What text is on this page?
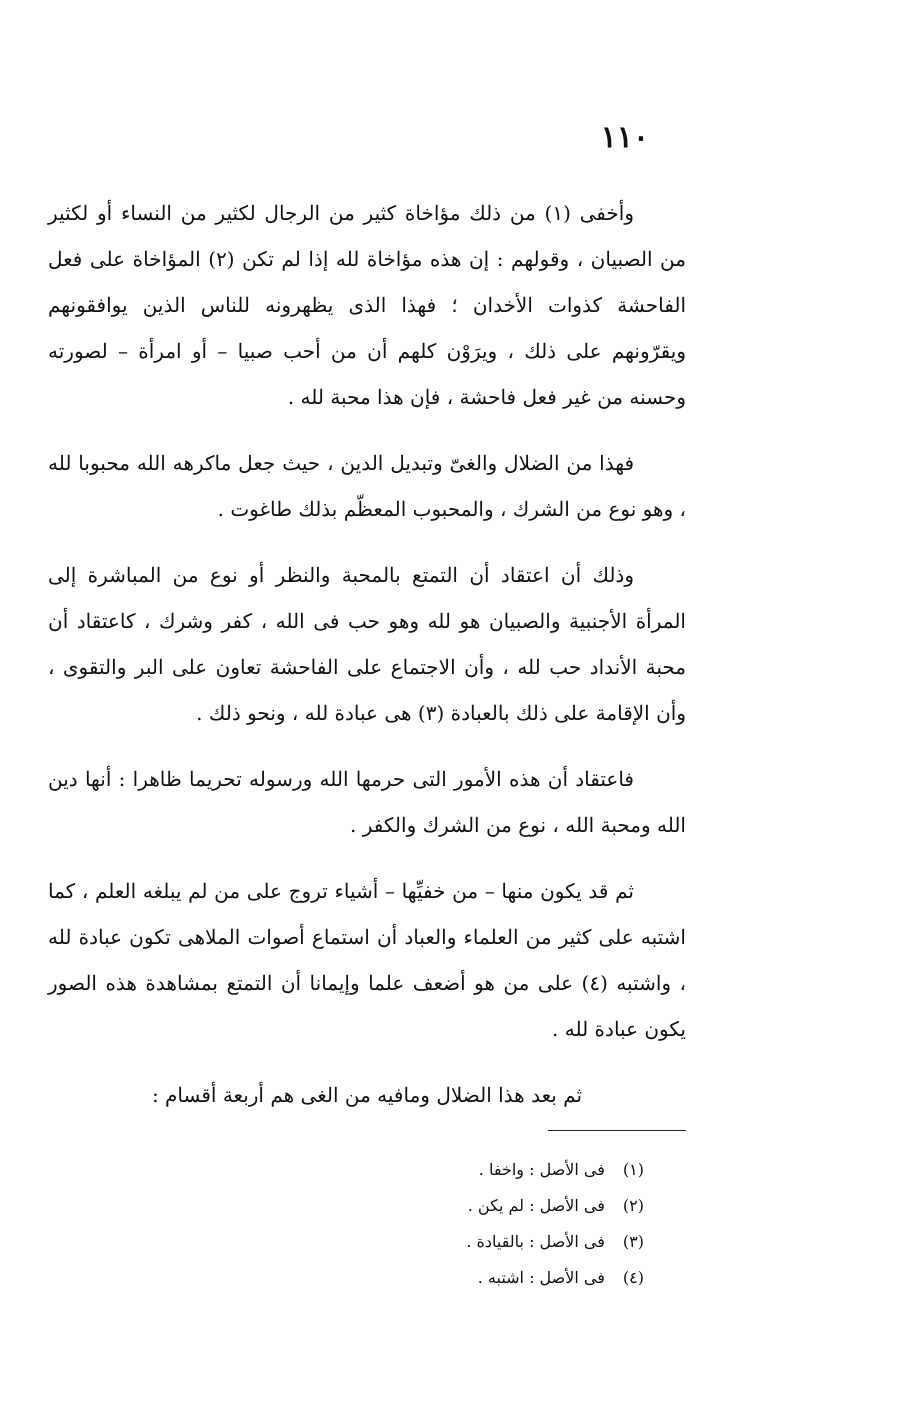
١١٠

وأخفى (١) من ذلك مؤاخاة كثير من الرجال لكثير من النساء أو لكثير من الصبيان ، وقولهم : إن هذه مؤاخاة لله إذا لم تكن (٢) المؤاخاة على فعل الفاحشة كذوات الأخدان ؛ فهذا الذى يظهرونه للناس الذين يوافقونهم ويقرّونهم على ذلك ، ويرَوْن كلهم أن من أحب صبيا – أو امرأة – لصورته وحسنه من غير فعل فاحشة ، فإن هذا محبة لله .

فهذا من الضلال والغىّ وتبديل الدين ، حيث جعل ماكرهه الله محبوبا لله ، وهو نوع من الشرك ، والمحبوب المعظّم بذلك طاغوت .

وذلك أن اعتقاد أن التمتع بالمحبة والنظر أو نوع من المباشرة إلى المرأة الأجنبية والصبيان هو لله وهو حب فى الله ، كفر وشرك ، كاعتقاد أن محبة الأنداد حب لله ، وأن الاجتماع على الفاحشة تعاون على البر والتقوى ، وأن الإقامة على ذلك بالعبادة (٣) هى عبادة لله ، ونحو ذلك .

فاعتقاد أن هذه الأمور التى حرمها الله ورسوله تحريما ظاهرا : أنها دين الله ومحبة الله ، نوع من الشرك والكفر .

ثم قد يكون منها – من خفيِّها – أشياء تروج على من لم يبلغه العلم ، كما اشتبه على كثير من العلماء والعباد أن استماع أصوات الملاهى تكون عبادة لله ، واشتبه (٤) على من هو أضعف علما وإيمانا أن التمتع بمشاهدة هذه الصور يكون عبادة لله .

ثم بعد هذا الضلال ومافيه من الغى هم أربعة أقسام :

(١) فى الأصل : واخفا .

(٢) فى الأصل : لم يكن .

(٣) فى الأصل : بالقيادة .

(٤) فى الأصل : اشتبه .
